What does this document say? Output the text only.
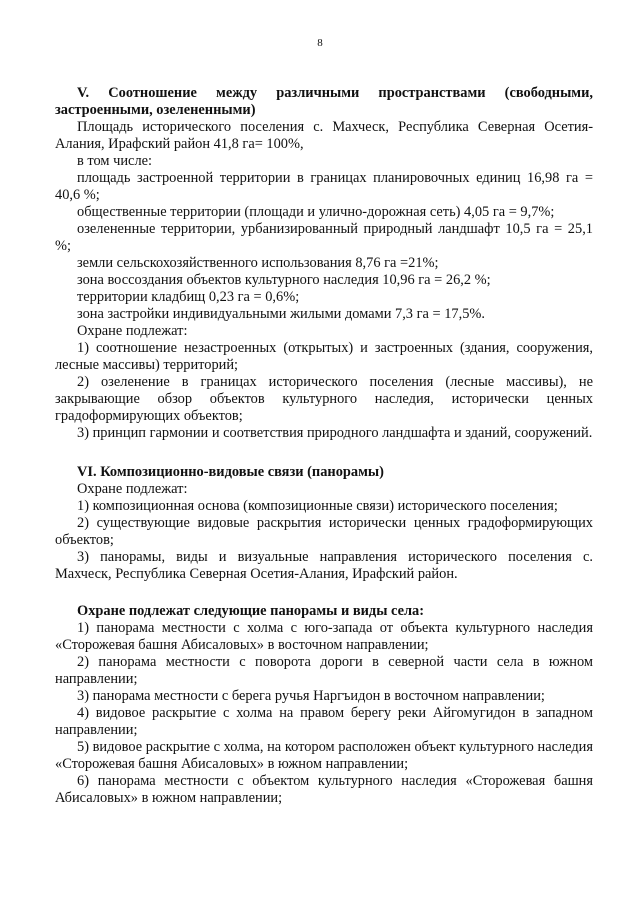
8

V. Соотношение между различными пространствами (свободными, застроенными, озелененными)

Площадь исторического поселения с. Махческ, Республика Северная Осетия-Алания, Ирафский район 41,8 га= 100%,

в том числе:

площадь застроенной территории в границах планировочных единиц 16,98 га = 40,6 %;

общественные территории (площади и улично-дорожная сеть) 4,05 га = 9,7%;

озелененные территории, урбанизированный природный ландшафт 10,5 га = 25,1 %;

земли сельскохозяйственного использования 8,76 га =21%;

зона воссоздания объектов культурного наследия 10,96 га = 26,2 %;

территории кладбищ 0,23 га = 0,6%;

зона застройки индивидуальными жилыми домами 7,3 га = 17,5%.

Охране подлежат:

1) соотношение незастроенных (открытых) и застроенных (здания, сооружения, лесные массивы) территорий;

2) озеленение в границах исторического поселения (лесные массивы), не закрывающие обзор объектов культурного наследия, исторически ценных градоформирующих объектов;

3) принцип гармонии и соответствия природного ландшафта и зданий, сооружений.

VI. Композиционно-видовые связи (панорамы)

Охране подлежат:

1) композиционная основа (композиционные связи) исторического поселения;

2) существующие видовые раскрытия исторически ценных градоформирующих объектов;

3) панорамы, виды и визуальные направления исторического поселения с. Махческ, Республика Северная Осетия-Алания, Ирафский район.

Охране подлежат следующие панорамы и виды села:

1) панорама местности с холма с юго-запада от объекта культурного наследия «Сторожевая башня Абисаловых» в восточном направлении;

2) панорама местности с поворота дороги в северной части села в южном направлении;

3) панорама местности с берега ручья Наргъидон в восточном направлении;

4) видовое раскрытие с холма на правом берегу реки Айгомугидон в западном направлении;

5) видовое раскрытие с холма, на котором расположен объект культурного наследия «Сторожевая башня Абисаловых» в южном направлении;

6) панорама местности с объектом культурного наследия «Сторожевая башня Абисаловых» в южном направлении;
